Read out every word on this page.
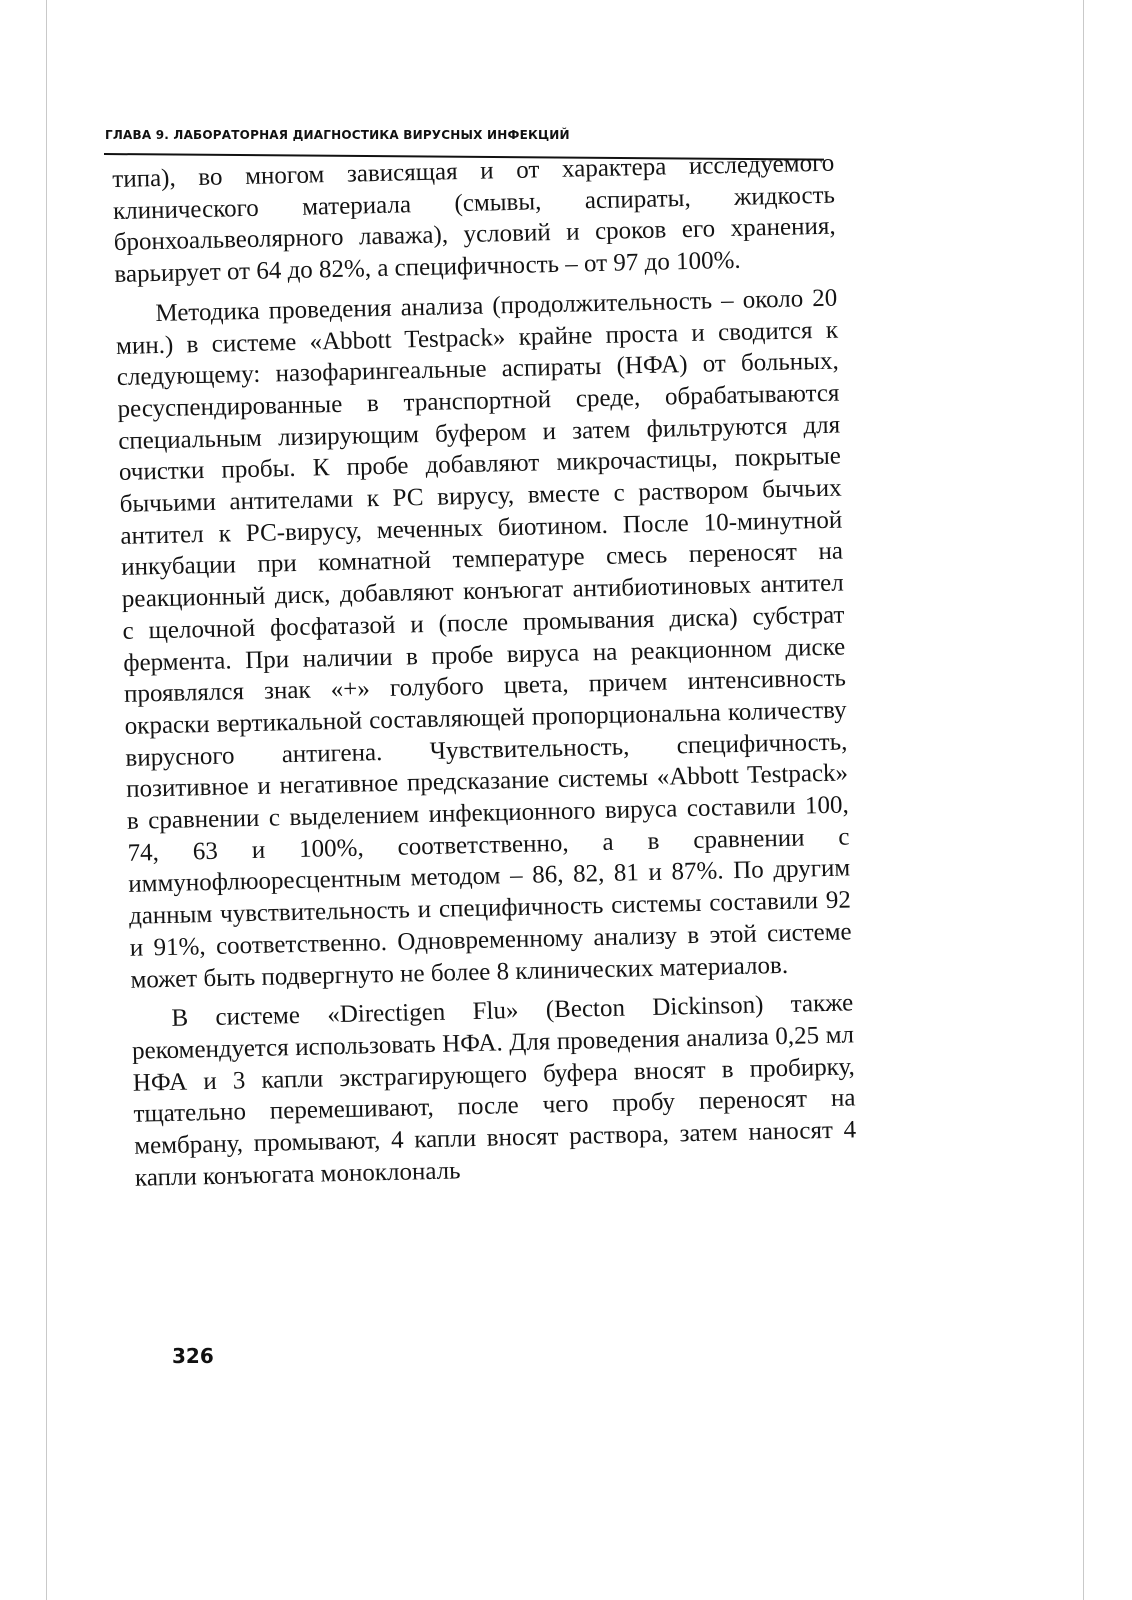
ГЛАВА 9. ЛАБОРАТОРНАЯ ДИАГНОСТИКА ВИРУСНЫХ ИНФЕКЦИЙ

типа), во многом зависящая и от характера исследуемого клинического материала (смывы, аспираты, жидкость бронхоальвеолярного лаважа), условий и сроков его хранения, варьирует от 64 до 82%, а специфичность – от 97 до 100%.

Методика проведения анализа (продолжительность – около 20 мин.) в системе «Abbott Testpack» крайне проста и сводится к следующему: назофарингеальные аспираты (НФА) от больных, ресуспендированные в транспортной среде, обрабатываются специальным лизирующим буфером и затем фильтруются для очистки пробы. К пробе добавляют микрочастицы, покрытые бычьими антителами к РС вирусу, вместе с раствором бычьих антител к РС-вирусу, меченных биотином. После 10-минутной инкубации при комнатной температуре смесь переносят на реакционный диск, добавляют конъюгат антибиотиновых антител с щелочной фосфатазой и (после промывания диска) субстрат фермента. При наличии в пробе вируса на реакционном диске проявлялся знак «+» голубого цвета, причем интенсивность окраски вертикальной составляющей пропорциональна количеству вирусного антигена. Чувствительность, специфичность, позитивное и негативное предсказание системы «Abbott Testpack» в сравнении с выделением инфекционного вируса составили 100, 74, 63 и 100%, соответственно, а в сравнении с иммунофлюоресцентным методом – 86, 82, 81 и 87%. По другим данным чувствительность и специфичность системы составили 92 и 91%, соответственно. Одновременному анализу в этой системе может быть подвергнуто не более 8 клинических материалов.

В системе «Directigen Flu» (Becton Dickinson) также рекомендуется использовать НФА. Для проведения анализа 0,25 мл НФА и 3 капли экстрагирующего буфера вносят в пробирку, тщательно перемешивают, после чего пробу переносят на мембрану, промывают, 4 капли вносят раствора, затем наносят 4 капли конъюгата моноклональ

326
